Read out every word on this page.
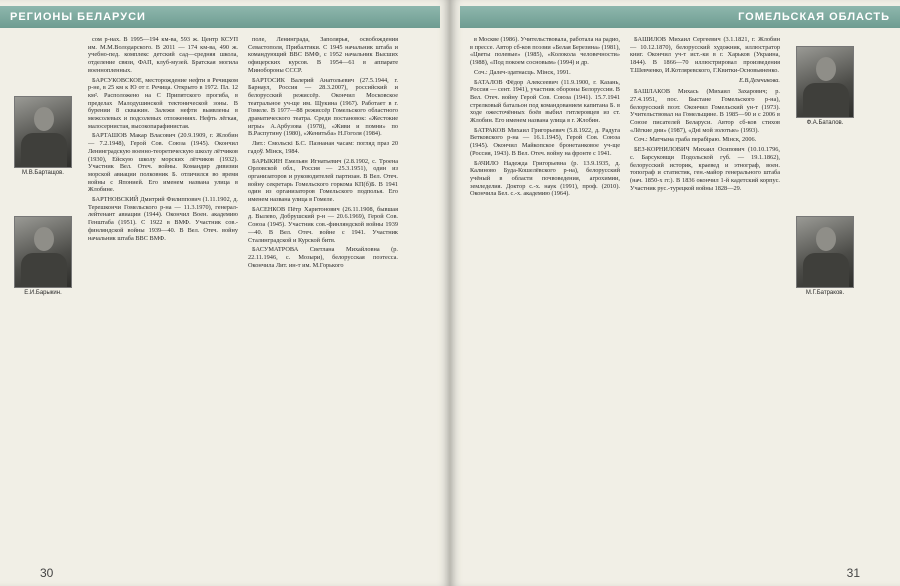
РЕГИОНЫ БЕЛАРУСИ
М.В.Бартащов.
Е.И.Барыкин.

сом р-нах. В 1995—194 км-ва, 593 ж. Центр КСУП им. М.М.Володарского. В 2011 — 174 км-ва, 490 ж. учебно-пед. комплекс детский сад—средняя школа, отделение связи, ФАП, клуб-музей. Братская могила военнопленных.

БАРСУКОВСКОЕ, месторождение нефти в Речицком р-не, в 25 км к Ю от г. Речица. Открыто в 1972. Пл. 12 км². Расположено на С Припятского прогиба, в пределах Малодушинской тектонической зоны. В бурении 8 скважин. Залежи нефти выявлены в межсолевых и подсолевых отложениях. Нефть лёгкая, малосернистая, высокопарафинистая.

БАРТАШОВ Макар Власович (20.9.1909, г. Жлобин — 7.2.1948), Герой Сов. Союза (1945). Окончил Ленинградскую военно-теоретическую школу лётчиков (1930), Ейскую школу морских лётчиков (1932). Участник Вел. Отеч. войны. Командир дивизии морской авиации полковник Б. отличился во время войны с Японией. Его именем названа улица в Жлобине.

БАРТНОВСКИЙ Дмитрий Филиппович (1.11.1902, д. Терешкончи Гомельского р-на — 11.3.1970), генерал-лейтенант авиации (1944). Окончил Воен. академию Генштаба (1951). С 1922 в ВМФ. Участник сов.-финляндской войны 1939—40. В Вел. Отеч. войну начальник штаба ВВС ВМФ.

поле, Ленинграда, Заполярья, освобождения Севастополя, Прибалтики. С 1945 начальник штаба и командующий ВВС ВМФ, с 1952 начальник Высших офицерских курсов. В 1954—61 в аппарате Минобороны СССР.

БАРТОСИК Валерий Анатольевич (27.5.1944, г. Барнаул, Россия — 28.3.2007), российский и белорусский режиссёр. Окончил Московское театральное уч-ще им. Щукина (1967). Работает в г. Гомеле. В 1977—88 режиссёр Гомельского областного драматического театра. Среди постановок: «Жестокие игры» А.Арбузова (1978), «Живи и помни» по В.Распутину (1980), «Женитьба» Н.Гоголя (1984).

Лит.: Смольскі Б.С. Пазнаная часам: погляд праз 20 гадоў. Мінск, 1984.

БАРЫКИН Емельян Игнатьевич (2.8.1902, с. Троена Орловской обл., Россия — 25.3.1951), один из организаторов и руководителей партизан. В Вел. Отеч. войну секретарь Гомельского горкома КП(б)Б. В 1941 один из организаторов Гомельского подполья. Его именем названа улица в Гомеле.

БАСЕНКОВ Пётр Харитонович (26.11.1908, бывшая д. Вылево, Добрушский р-н — 20.6.1969), Герой Сов. Союза (1945). Участник сов.-финляндской войны 1939—40. В Вел. Отеч. войне с 1941. Участник Сталинградской и Курской битв.

БАСУМАТРОВА Светлана Михайловна (р. 22.11.1946, с. Мозыри), белорусская поэтесса. Окончила Лит. ин-т им. М.Горького

30
ГОМЕЛЬСКАЯ ОБЛАСТЬ

в Москве (1986). Учительствовала, работала на радио, в прессе. Автор сб-ков поэзии «Белая Березина» (1981), «Цветы полевые» (1985), «Колокола человечности» (1988), «Под покоем сосновым» (1994) и др.

Соч.: Далеч-здатнасць. Мінск, 1991.

БАТАЛОВ Фёдор Алексеевич (11.9.1900, г. Казань, Россия — сент. 1941), участник обороны Белоруссии. В Вел. Отеч. войну Герой Сов. Союза (1941). 15.7.1941 стрелковый батальон под командованием капитана Б. в ходе ожесточённых боёв выбил гитлеровцев из ст. Жлобин. Его именем названа улица в г. Жлобин.

БАТРАКОВ Михаил Григорьевич (5.8.1922, д. Радуга Ветковского р-на — 16.1.1945), Герой Сов. Союза (1945). Окончил Майкопское бронетанковое уч-ще (Россия, 1943). В Вел. Отеч. войну на фронте с 1941.

БАЧИЛО Надежда Григорьевна (р. 13.9.1935, д. Калиново Буда-Кошелёвского р-на), белорусский учёный в области почвоведения, агрохимии, земледелия. Доктор с.-х. наук (1991), проф. (2010). Окончила Бел. с.-х. академию (1964).

БАШИЛОВ Михаил Сергеевич (3.1.1821, г. Жлобин — 10.12.1870), белорусский художник, иллюстратор книг. Окончил уч-т ист.-ки в г. Харьков (Украина, 1844). В 1866—70 иллюстрировал произведения Т.Шевченко, И.Котляревского, Г.Квитки-Основьяненко.

Е.В.Демчикова.

БАШЛАКОВ Михась (Михаил Захарович; р. 27.4.1951, пос. Быстане Гомельского р-на), белорусский поэт. Окончил Гомельский ун-т (1973). Учительствовал на Гомельщине. В 1985—90 и с 2006 в Союзе писателей Беларуси. Автор сб-ков стихов «Лёгкие дни» (1987), «Дні мой золотые» (1993).

Соч.: Матчына граба перабіраю. Мінск, 2006.

БЕЗ-КОРНИЛОВИЧ Михаил Осипович (10.10.1796, с. Барсуковщи Подольской губ. — 19.1.1862), белорусский историк, краевед и этнограф, воен. топограф и статистик, ген.-майор генерального штаба (нач. 1850-х гг.). В 1836 окончил 1-й кадетский корпус. Участник рус.-турецкой войны 1828—29.

Ф.А.Баталов.
М.Г.Батраков.
31
